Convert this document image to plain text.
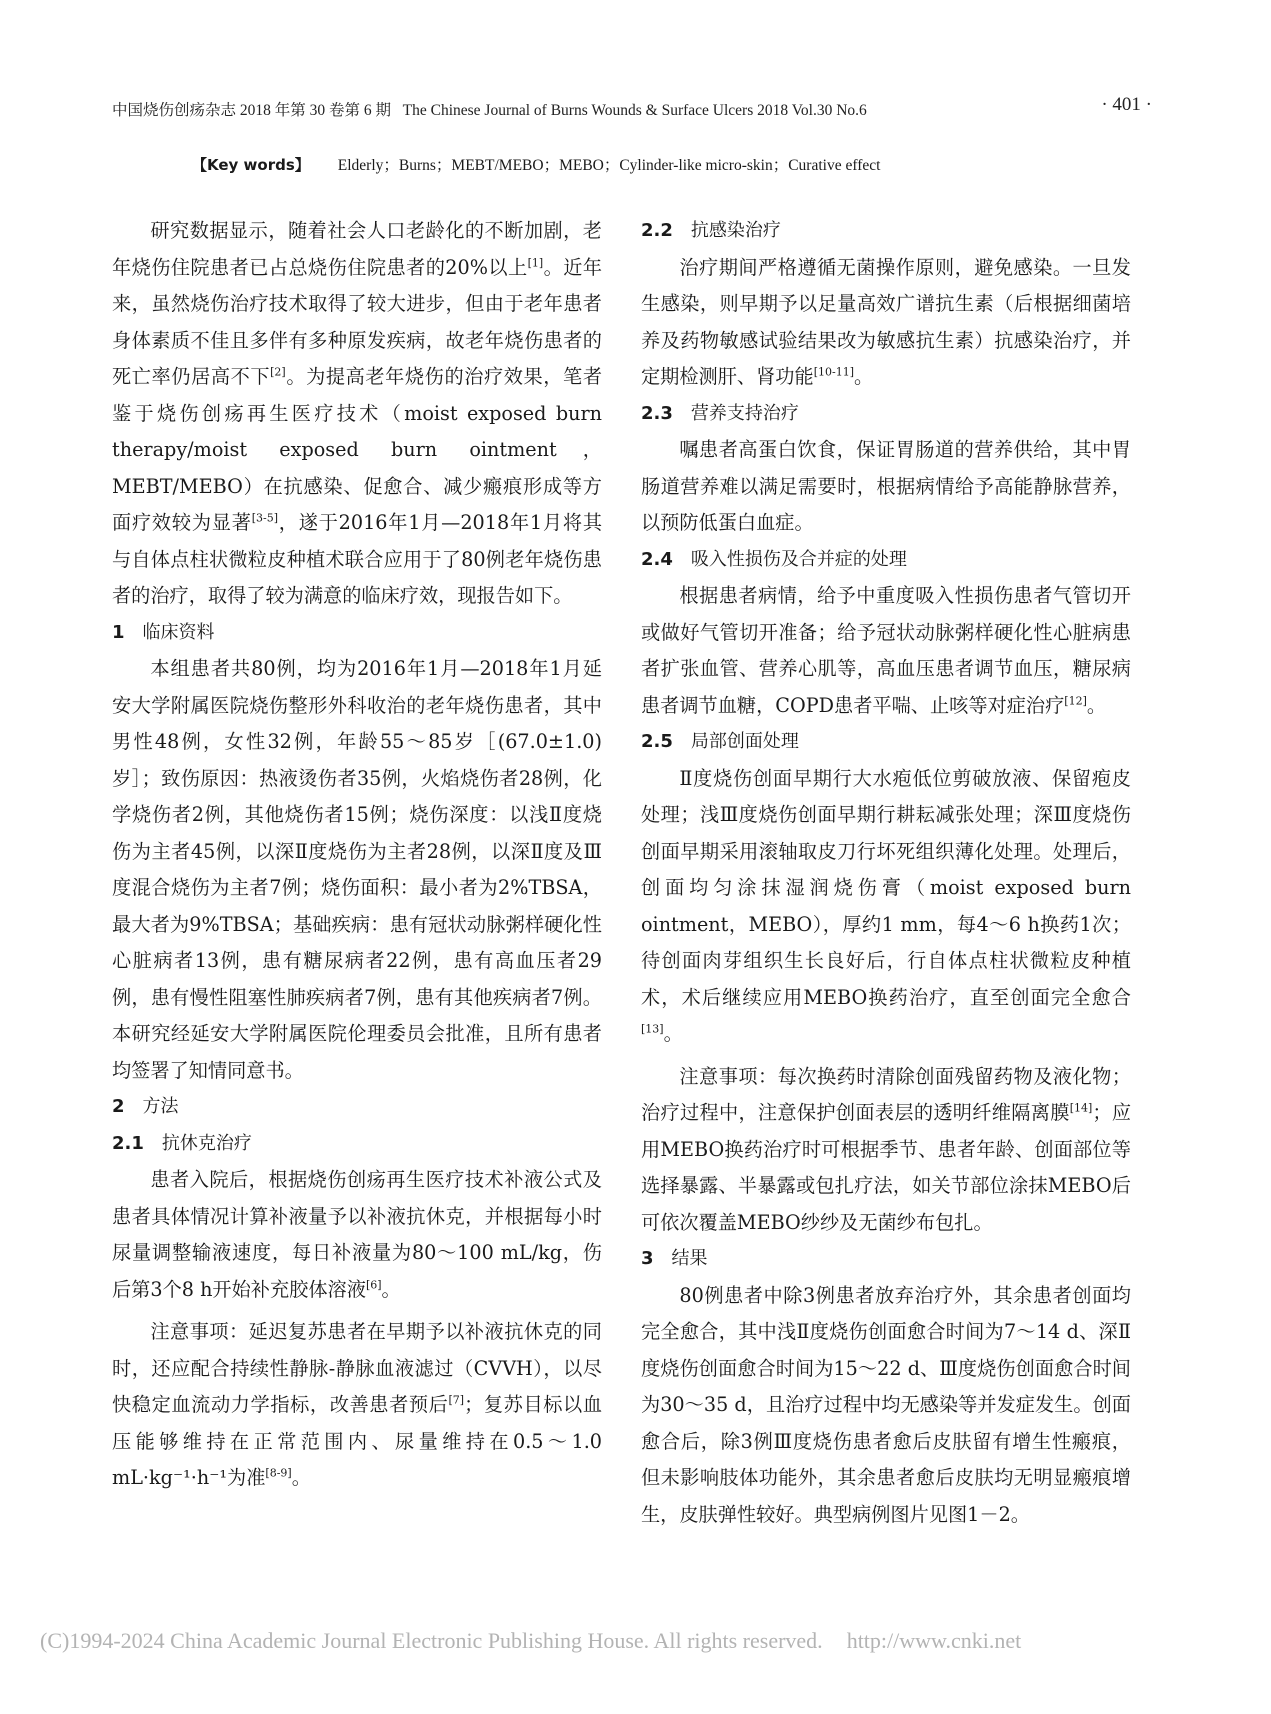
中国烧伤创疡杂志 2018 年第 30 卷第 6 期 The Chinese Journal of Burns Wounds & Surface Ulcers 2018 Vol.30 No.6	· 401 ·
【Key words】 Elderly；Burns；MEBT/MEBO；MEBO；Cylinder-like micro-skin；Curative effect

研究数据显示，随着社会人口老龄化的不断加剧，老年烧伤住院患者已占总烧伤住院患者的20%以上[1]。近年来，虽然烧伤治疗技术取得了较大进步，但由于老年患者身体素质不佳且多伴有多种原发疾病，故老年烧伤患者的死亡率仍居高不下[2]。为提高老年烧伤的治疗效果，笔者鉴于烧伤创疡再生医疗技术（moist exposed burn therapy/moist exposed burn ointment，MEBT/MEBO）在抗感染、促愈合、减少瘢痕形成等方面疗效较为显著[3-5]，遂于2016年1月—2018年1月将其与自体点柱状微粒皮种植术联合应用于了80例老年烧伤患者的治疗，取得了较为满意的临床疗效，现报告如下。

1 临床资料

本组患者共80例，均为2016年1月—2018年1月延安大学附属医院烧伤整形外科收治的老年烧伤患者，其中男性48例，女性32例，年龄55～85岁［(67.0±1.0)岁］；致伤原因：热液烫伤者35例，火焰烧伤者28例，化学烧伤者2例，其他烧伤者15例；烧伤深度：以浅Ⅱ度烧伤为主者45例，以深Ⅱ度烧伤为主者28例，以深Ⅱ度及Ⅲ度混合烧伤为主者7例；烧伤面积：最小者为2%TBSA，最大者为9%TBSA；基础疾病：患有冠状动脉粥样硬化性心脏病者13例，患有糖尿病者22例，患有高血压者29例，患有慢性阻塞性肺疾病者7例，患有其他疾病者7例。本研究经延安大学附属医院伦理委员会批准，且所有患者均签署了知情同意书。

2 方法

2.1 抗休克治疗

患者入院后，根据烧伤创疡再生医疗技术补液公式及患者具体情况计算补液量予以补液抗休克，并根据每小时尿量调整输液速度，每日补液量为80～100 mL/kg，伤后第3个8 h开始补充胶体溶液[6]。

注意事项：延迟复苏患者在早期予以补液抗休克的同时，还应配合持续性静脉-静脉血液滤过（CVVH），以尽快稳定血流动力学指标，改善患者预后[7]；复苏目标以血压能够维持在正常范围内、尿量维持在0.5～1.0 mL·kg⁻¹·h⁻¹为准[8-9]。

2.2 抗感染治疗

治疗期间严格遵循无菌操作原则，避免感染。一旦发生感染，则早期予以足量高效广谱抗生素（后根据细菌培养及药物敏感试验结果改为敏感抗生素）抗感染治疗，并定期检测肝、肾功能[10-11]。

2.3 营养支持治疗

嘱患者高蛋白饮食，保证胃肠道的营养供给，其中胃肠道营养难以满足需要时，根据病情给予高能静脉营养，以预防低蛋白血症。

2.4 吸入性损伤及合并症的处理

根据患者病情，给予中重度吸入性损伤患者气管切开或做好气管切开准备；给予冠状动脉粥样硬化性心脏病患者扩张血管、营养心肌等，高血压患者调节血压，糖尿病患者调节血糖，COPD患者平喘、止咳等对症治疗[12]。

2.5 局部创面处理

Ⅱ度烧伤创面早期行大水疱低位剪破放液、保留疱皮处理；浅Ⅲ度烧伤创面早期行耕耘减张处理；深Ⅲ度烧伤创面早期采用滚轴取皮刀行坏死组织薄化处理。处理后，创面均匀涂抹湿润烧伤膏（moist exposed burn ointment，MEBO），厚约1 mm，每4～6 h换药1次；待创面肉芽组织生长良好后，行自体点柱状微粒皮种植术，术后继续应用MEBO换药治疗，直至创面完全愈合[13]。

注意事项：每次换药时清除创面残留药物及液化物；治疗过程中，注意保护创面表层的透明纤维隔离膜[14]；应用MEBO换药治疗时可根据季节、患者年龄、创面部位等选择暴露、半暴露或包扎疗法，如关节部位涂抹MEBO后可依次覆盖MEBO纱纱及无菌纱布包扎。

3 结果

80例患者中除3例患者放弃治疗外，其余患者创面均完全愈合，其中浅Ⅱ度烧伤创面愈合时间为7～14 d、深Ⅱ度烧伤创面愈合时间为15～22 d、Ⅲ度烧伤创面愈合时间为30～35 d，且治疗过程中均无感染等并发症发生。创面愈合后，除3例Ⅲ度烧伤患者愈后皮肤留有增生性瘢痕，但未影响肢体功能外，其余患者愈后皮肤均无明显瘢痕增生，皮肤弹性较好。典型病例图片见图1－2。

(C)1994-2024 China Academic Journal Electronic Publishing House. All rights reserved. http://www.cnki.net
